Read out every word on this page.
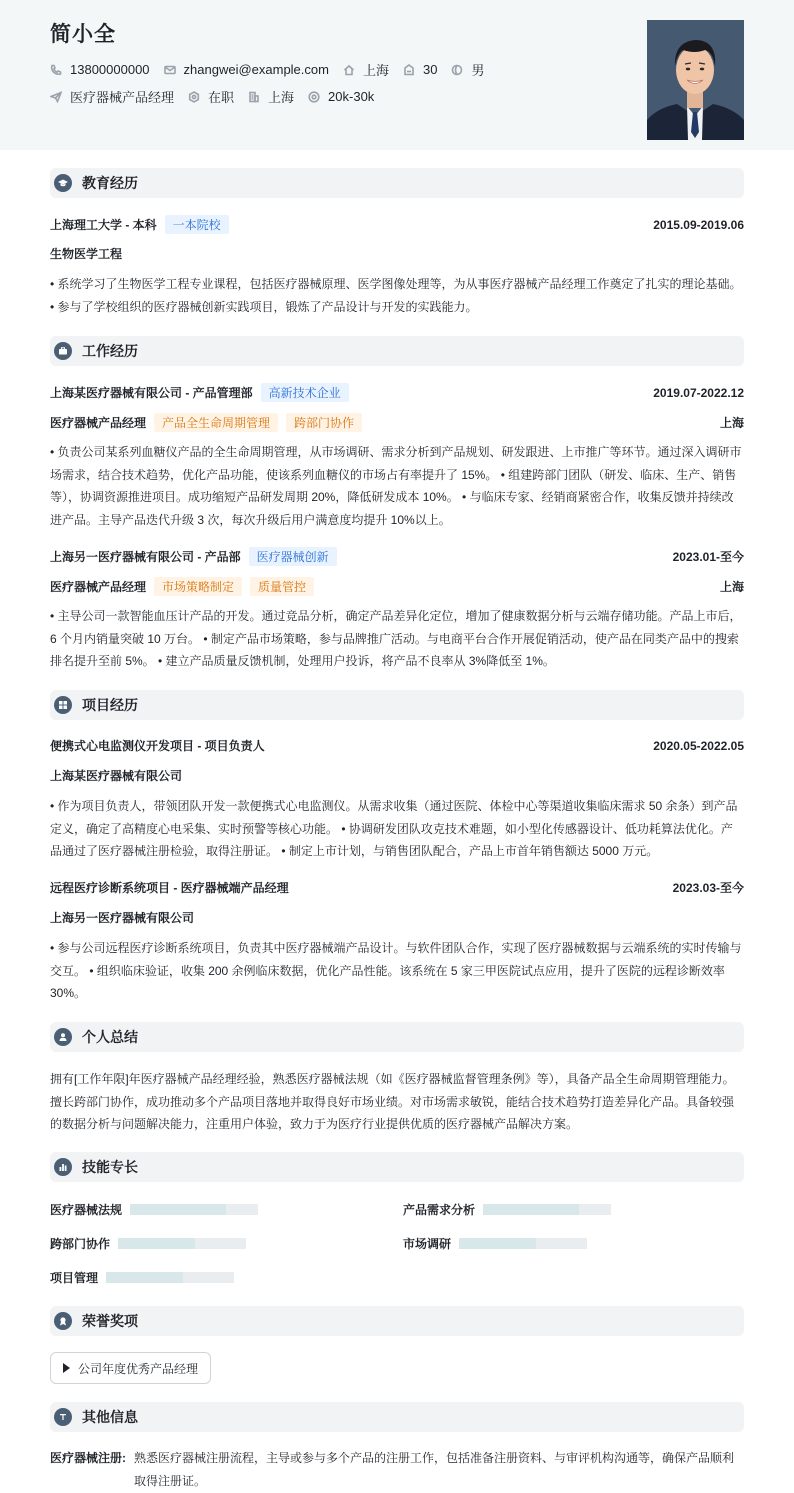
简小全
13800000000	zhangwei@example.com	上海	30	男
医疗器械产品经理	在职	上海	20k-30k
教育经历
上海理工大学 - 本科	一本院校	2015.09-2019.06
生物医学工程
• 系统学习了生物医学工程专业课程，包括医疗器械原理、医学图像处理等，为从事医疗器械产品经理工作奠定了扎实的理论基础。
• 参与了学校组织的医疗器械创新实践项目，锻炼了产品设计与开发的实践能力。
工作经历
上海某医疗器械有限公司 - 产品管理部	高新技术企业	2019.07-2022.12
医疗器械产品经理	产品全生命周期管理	跨部门协作	上海
• 负责公司某系列血糖仪产品的全生命周期管理，从市场调研、需求分析到产品规划、研发跟进、上市推广等环节。通过深入调研市场需求，结合技术趋势，优化产品功能，使该系列血糖仪的市场占有率提升了 15%。 • 组建跨部门团队（研发、临床、生产、销售等），协调资源推进项目。成功缩短产品研发周期 20%，降低研发成本 10%。 • 与临床专家、经销商紧密合作，收集反馈并持续改进产品。主导产品迭代升级 3 次，每次升级后用户满意度均提升 10%以上。
上海另一医疗器械有限公司 - 产品部	医疗器械创新	2023.01-至今
医疗器械产品经理	市场策略制定	质量管控	上海
• 主导公司一款智能血压计产品的开发。通过竞品分析，确定产品差异化定位，增加了健康数据分析与云端存储功能。产品上市后，6 个月内销量突破 10 万台。 • 制定产品市场策略，参与品牌推广活动。与电商平台合作开展促销活动，使产品在同类产品中的搜索排名提升至前 5%。 • 建立产品质量反馈机制，处理用户投诉，将产品不良率从 3%降低至 1%。
项目经历
便携式心电监测仪开发项目 - 项目负责人	2020.05-2022.05
上海某医疗器械有限公司
• 作为项目负责人，带领团队开发一款便携式心电监测仪。从需求收集（通过医院、体检中心等渠道收集临床需求 50 余条）到产品定义，确定了高精度心电采集、实时预警等核心功能。 • 协调研发团队攻克技术难题，如小型化传感器设计、低功耗算法优化。产品通过了医疗器械注册检验，取得注册证。 • 制定上市计划，与销售团队配合，产品上市首年销售额达 5000 万元。
远程医疗诊断系统项目 - 医疗器械端产品经理	2023.03-至今
上海另一医疗器械有限公司
• 参与公司远程医疗诊断系统项目，负责其中医疗器械端产品设计。与软件团队合作，实现了医疗器械数据与云端系统的实时传输与交互。 • 组织临床验证，收集 200 余例临床数据，优化产品性能。该系统在 5 家三甲医院试点应用，提升了医院的远程诊断效率 30%。
个人总结
拥有[工作年限]年医疗器械产品经理经验，熟悉医疗器械法规（如《医疗器械监督管理条例》等），具备产品全生命周期管理能力。擅长跨部门协作，成功推动多个产品项目落地并取得良好市场业绩。对市场需求敏锐，能结合技术趋势打造差异化产品。具备较强的数据分析与问题解决能力，注重用户体验，致力于为医疗行业提供优质的医疗器械产品解决方案。
技能专长
医疗器械法规	产品需求分析
跨部门协作	市场调研
项目管理
荣誉奖项
公司年度优秀产品经理
其他信息
医疗器械注册: 熟悉医疗器械注册流程，主导或参与多个产品的注册工作，包括准备注册资料、与审评机构沟通等，确保产品顺利取得注册证。
